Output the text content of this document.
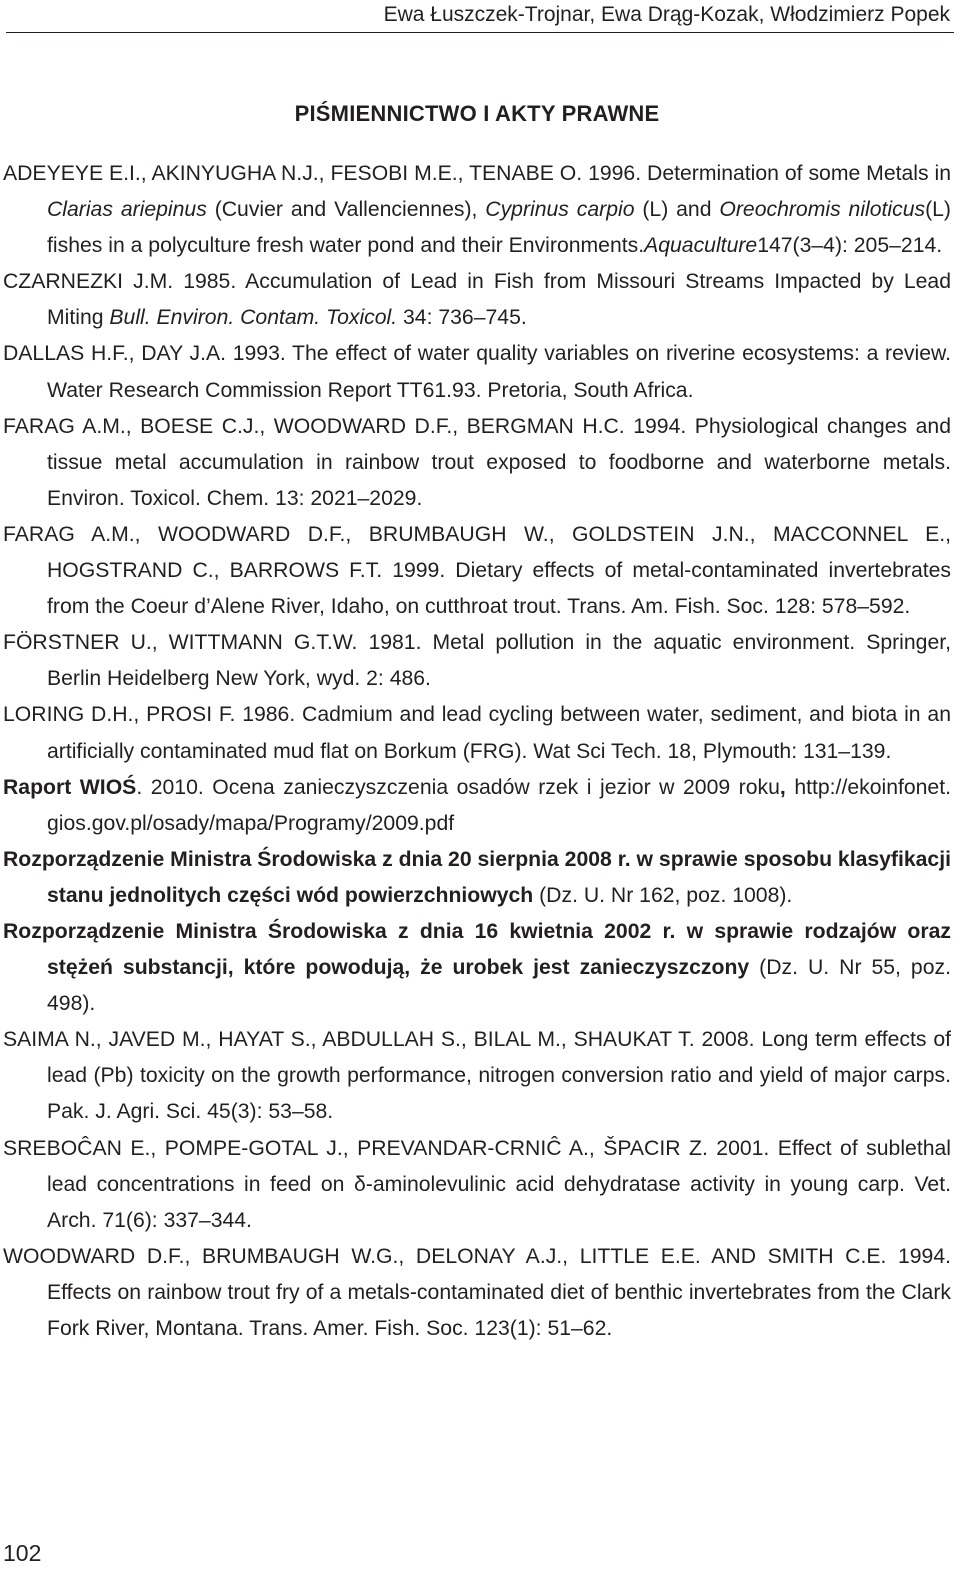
Ewa Łuszczek-Trojnar, Ewa Drąg-Kozak, Włodzimierz Popek
PIŚMIENNICTWO I AKTY PRAWNE
ADEYEYE E.I., AKINYUGHA N.J., FESOBI M.E., TENABE O. 1996. Determination of some Metals in Clarias ariepinus (Cuvier and Vallenciennes), Cyprinus carpio (L) and Oreochromis niloticus(L) fishes in a polyculture fresh water pond and their Environments.Aquaculture147(3–4): 205–214.
CZARNEZKI J.M. 1985. Accumulation of Lead in Fish from Missouri Streams Impacted by Lead Miting Bull. Environ. Contam. Toxicol. 34: 736–745.
DALLAS H.F., DAY J.A. 1993. The effect of water quality variables on riverine ecosystems: a review. Water Research Commission Report TT61.93. Pretoria, South Africa.
FARAG A.M., BOESE C.J., WOODWARD D.F., BERGMAN H.C. 1994. Physiological changes and tissue metal accumulation in rainbow trout exposed to foodborne and waterborne metals. Environ. Toxicol. Chem. 13: 2021–2029.
FARAG A.M., WOODWARD D.F., BRUMBAUGH W., GOLDSTEIN J.N., MACCONNEL E., HOGSTRAND C., BARROWS F.T. 1999. Dietary effects of metal-contaminated invertebrates from the Coeur d’Alene River, Idaho, on cutthroat trout. Trans. Am. Fish. Soc. 128: 578–592.
FÖRSTNER U., WITTMANN G.T.W. 1981. Metal pollution in the aquatic environment. Springer, Berlin Heidelberg New York, wyd. 2: 486.
LORING D.H., PROSI F. 1986. Cadmium and lead cycling between water, sediment, and biota in an artificially contaminated mud flat on Borkum (FRG). Wat Sci Tech. 18, Plymouth: 131–139.
Raport WIOŚ. 2010. Ocena zanieczyszczenia osadów rzek i jezior w 2009 roku, http://ekoinfonet. gios.gov.pl/osady/mapa/Programy/2009.pdf
Rozporządzenie Ministra Środowiska z dnia 20 sierpnia 2008 r. w sprawie sposobu klasyfikacji stanu jednolitych części wód powierzchniowych (Dz. U. Nr 162, poz. 1008).
Rozporządzenie Ministra Środowiska z dnia 16 kwietnia 2002 r. w sprawie rodzajów oraz stężeń substancji, które powodują, że urobek jest zanieczyszczony (Dz. U. Nr 55, poz. 498).
SAIMA N., JAVED M., HAYAT S., ABDULLAH S., BILAL M., SHAUKAT T. 2008. Long term effects of lead (Pb) toxicity on the growth performance, nitrogen conversion ratio and yield of major carps. Pak. J. Agri. Sci. 45(3): 53–58.
SREBOĈAN E., POMPE-GOTAL J., PREVANDAR-CRNIĈ A., ŠPACIR Z. 2001. Effect of sublethal lead concentrations in feed on δ-aminolevulinic acid dehydratase activity in young carp. Vet. Arch. 71(6): 337–344.
WOODWARD D.F., BRUMBAUGH W.G., DELONAY A.J., LITTLE E.E. AND SMITH C.E. 1994. Effects on rainbow trout fry of a metals-contaminated diet of benthic invertebrates from the Clark Fork River, Montana. Trans. Amer. Fish. Soc. 123(1): 51–62.
102
